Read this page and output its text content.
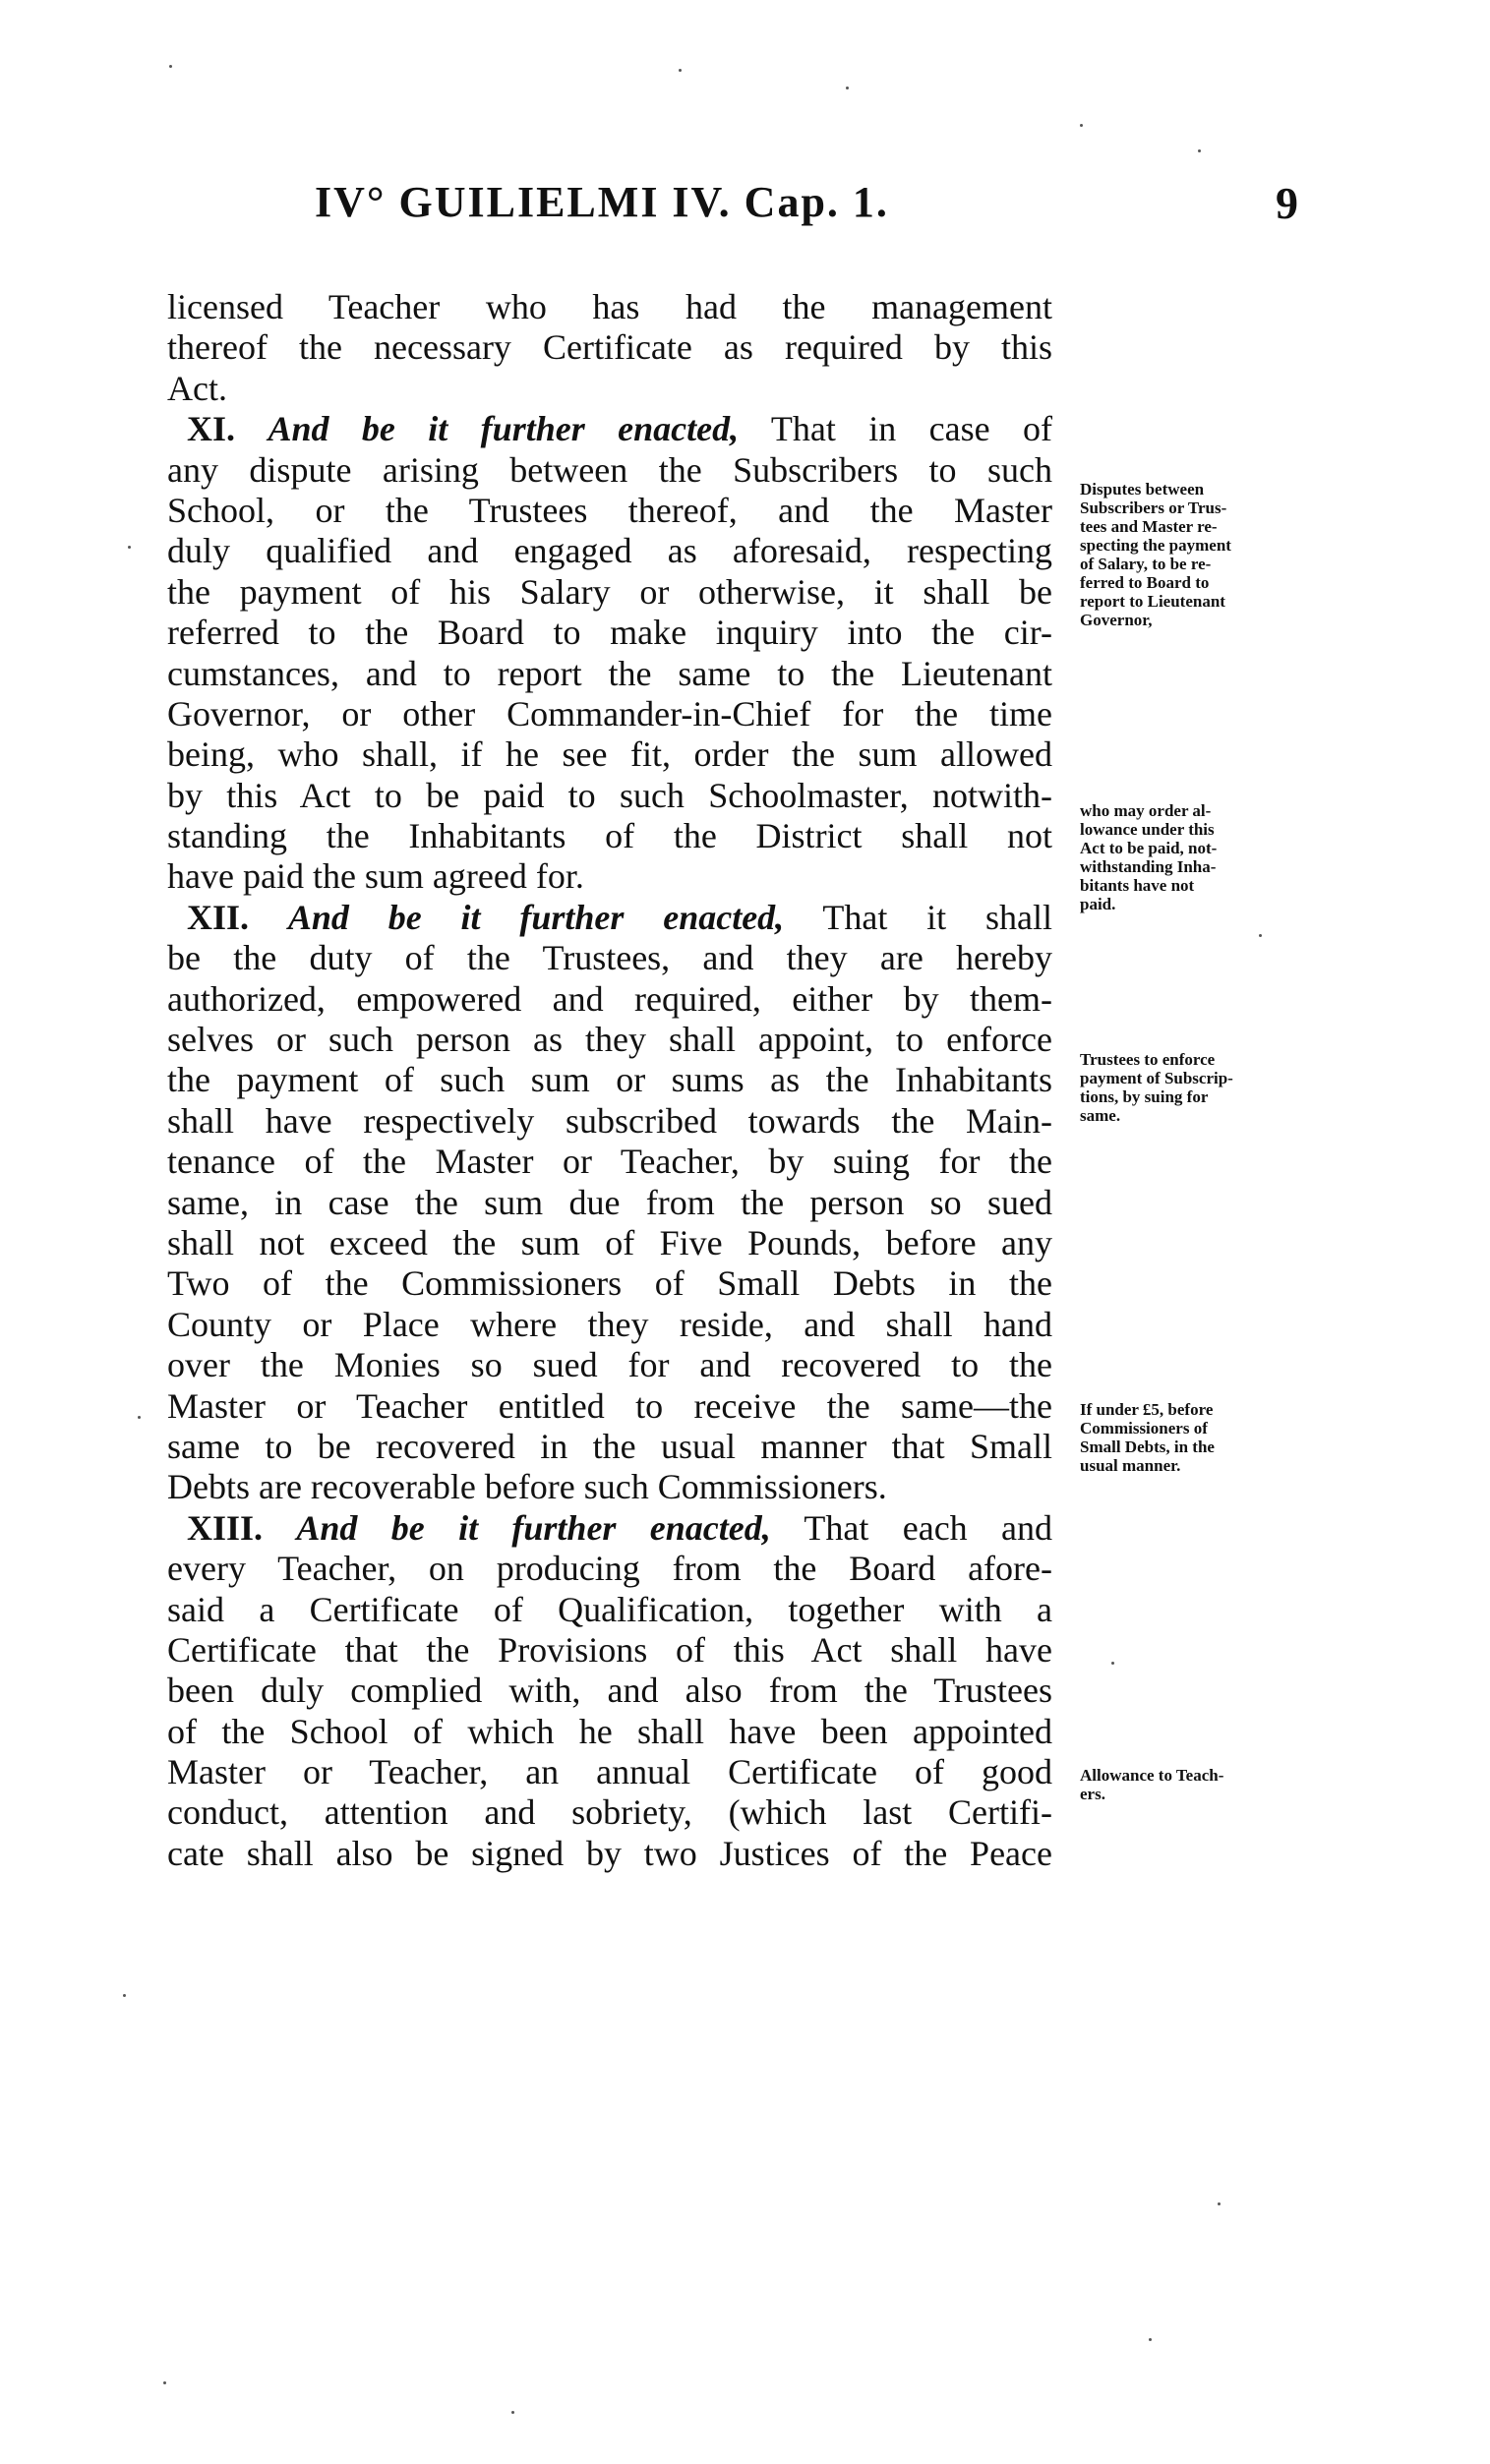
IV° GUILIELMI IV. Cap. 1.	9
licensed Teacher who has had the management
thereof the necessary Certificate as required by this
Act.
XI. And be it further enacted, That in case of
any dispute arising between the Subscribers to such
School, or the Trustees thereof, and the Master
duly qualified and engaged as aforesaid, respecting
the payment of his Salary or otherwise, it shall be
referred to the Board to make inquiry into the cir-
cumstances, and to report the same to the Lieutenant
Governor, or other Commander-in-Chief for the time
being, who shall, if he see fit, order the sum allowed
by this Act to be paid to such Schoolmaster, notwith-
standing the Inhabitants of the District shall not
have paid the sum agreed for.
XII. And be it further enacted, That it shall
be the duty of the Trustees, and they are hereby
authorized, empowered and required, either by them-
selves or such person as they shall appoint, to enforce
the payment of such sum or sums as the Inhabitants
shall have respectively subscribed towards the Main-
tenance of the Master or Teacher, by suing for the
same, in case the sum due from the person so sued
shall not exceed the sum of Five Pounds, before any
Two of the Commissioners of Small Debts in the
County or Place where they reside, and shall hand
over the Monies so sued for and recovered to the
Master or Teacher entitled to receive the same—the
same to be recovered in the usual manner that Small
Debts are recoverable before such Commissioners.
XIII. And be it further enacted, That each and
every Teacher, on producing from the Board afore-
said a Certificate of Qualification, together with a
Certificate that the Provisions of this Act shall have
been duly complied with, and also from the Trustees
of the School of which he shall have been appointed
Master or Teacher, an annual Certificate of good
conduct, attention and sobriety, (which last Certifi-
cate shall also be signed by two Justices of the Peace

Disputes between

Subscribers or Trus-

tees and Master re-

specting the payment

of Salary, to be re-

ferred to Board to

report to Lieutenant

Governor,

who may order al-

lowance under this

Act to be paid, not-

withstanding Inha-

bitants have not

paid.

Trustees to enforce

payment of Subscrip-

tions, by suing for

same.

If under £5, before

Commissioners of

Small Debts, in the

usual manner.

Allowance to Teach-

ers.
